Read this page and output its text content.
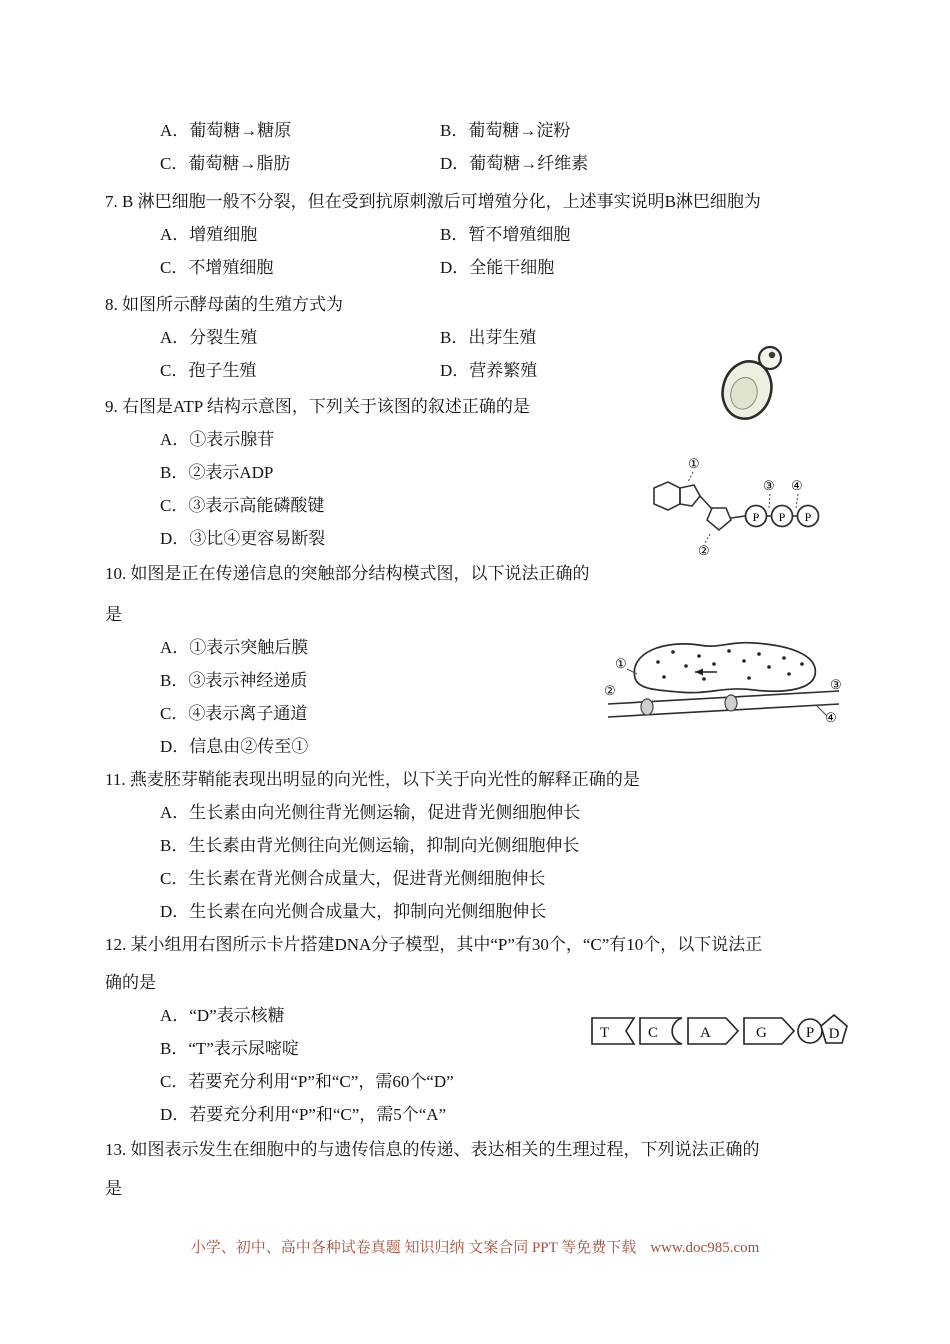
A．葡萄糖→糖原	B．葡萄糖→淀粉
C．葡萄糖→脂肪	D．葡萄糖→纤维素
7. B 淋巴细胞一般不分裂，但在受到抗原刺激后可增殖分化，上述事实说明B淋巴细胞为
A．增殖细胞	B．暂不增殖细胞
C．不增殖细胞	D．全能干细胞
8. 如图所示酵母菌的生殖方式为
A．分裂生殖	B．出芽生殖
C．孢子生殖	D．营养繁殖
9. 右图是ATP 结构示意图，下列关于该图的叙述正确的是
A．①表示腺苷
B．②表示ADP
C．③表示高能磷酸键
D．③比④更容易断裂
10. 如图是正在传递信息的突触部分结构模式图，以下说法正确的
是
A．①表示突触后膜
B．③表示神经递质
C．④表示离子通道
D．信息由②传至①
11. 燕麦胚芽鞘能表现出明显的向光性，以下关于向光性的解释正确的是
A．生长素由向光侧往背光侧运输，促进背光侧细胞伸长
B．生长素由背光侧往向光侧运输，抑制向光侧细胞伸长
C．生长素在背光侧合成量大，促进背光侧细胞伸长
D．生长素在向光侧合成量大，抑制向光侧细胞伸长
12. 某小组用右图所示卡片搭建DNA分子模型，其中“P”有30个，“C”有10个，以下说法正
确的是
A．“D”表示核糖
B．“T”表示尿嘧啶
C．若要充分利用“P”和“C”，需60个“D”
D．若要充分利用“P”和“C”，需5个“A”
13. 如图表示发生在细胞中的与遗传信息的传递、表达相关的生理过程，下列说法正确的
是
①
②
P P P
③ ④
①
②	③
④
T	C	A	G	P D
小学、初中、高中各种试卷真题 知识归纳 文案合同 PPT 等免费下载 www.doc985.com
